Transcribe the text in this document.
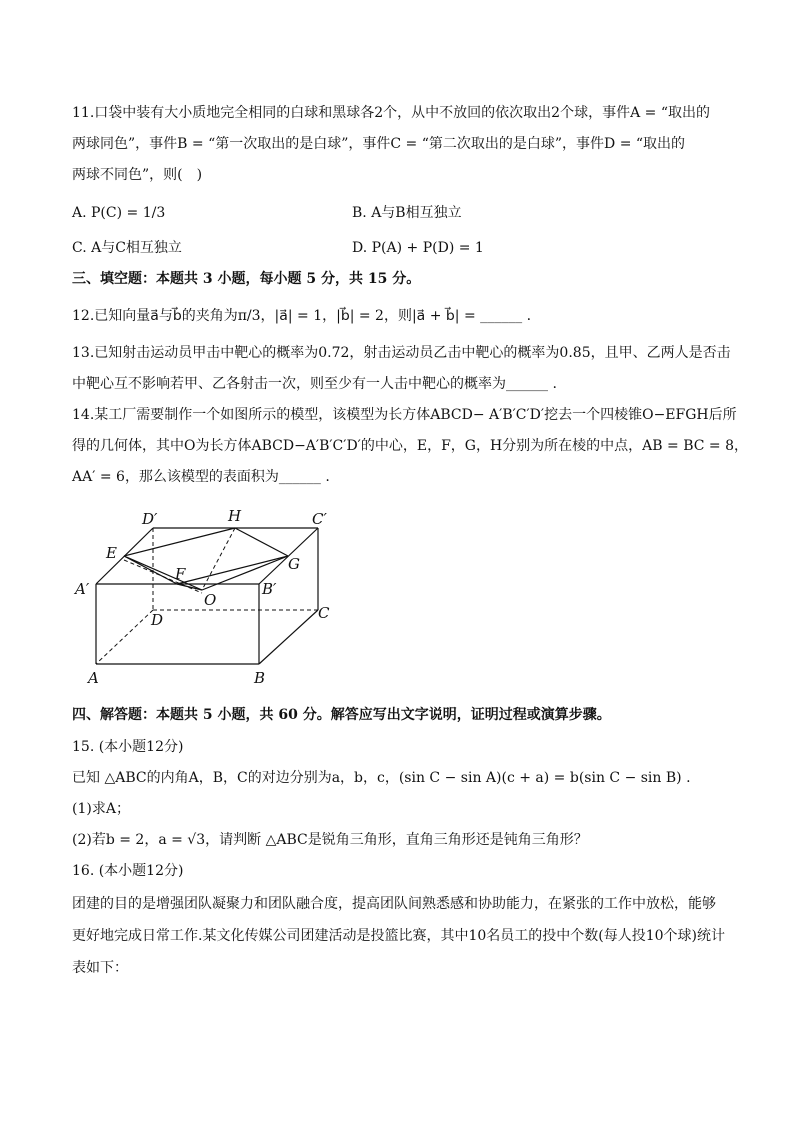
11.口袋中装有大小质地完全相同的白球和黑球各2个，从中不放回的依次取出2个球，事件A = “取出的
两球同色”，事件B = “第一次取出的是白球”，事件C = “第二次取出的是白球”，事件D = “取出的
两球不同色”，则(　)
A. P(C) = 1/3	B. A与B相互独立
C. A与C相互独立	D. P(A) + P(D) = 1
三、填空题：本题共 3 小题，每小题 5 分，共 15 分。
12.已知向量a⃗与b⃗的夹角为π/3，|a⃗| = 1，|b⃗| = 2，则|a⃗ + b⃗| = ______ .
13.已知射击运动员甲击中靶心的概率为0.72，射击运动员乙击中靶心的概率为0.85，且甲、乙两人是否击
中靶心互不影响若甲、乙各射击一次，则至少有一人击中靶心的概率为______ .
14.某工厂需要制作一个如图所示的模型，该模型为长方体ABCD− A′B′C′D′挖去一个四棱锥O−EFGH后所
得的几何体，其中O为长方体ABCD−A′B′C′D′的中心，E，F，G，H分别为所在棱的中点，AB = BC = 8，
AA′ = 6，那么该模型的表面积为______ .
D′	H	C′
E
G
F
A′	B′
O
D	C
A	B
四、解答题：本题共 5 小题，共 60 分。解答应写出文字说明，证明过程或演算步骤。
15. (本小题12分)
已知 △ABC的内角A，B，C的对边分别为a，b，c，(sin C − sin A)(c + a) = b(sin C − sin B) .
(1)求A；
(2)若b = 2，a = √3，请判断 △ABC是锐角三角形，直角三角形还是钝角三角形？
16. (本小题12分)
团建的目的是增强团队凝聚力和团队融合度，提高团队间熟悉感和协助能力，在紧张的工作中放松，能够
更好地完成日常工作.某文化传媒公司团建活动是投篮比赛，其中10名员工的投中个数(每人投10个球)统计
表如下：
